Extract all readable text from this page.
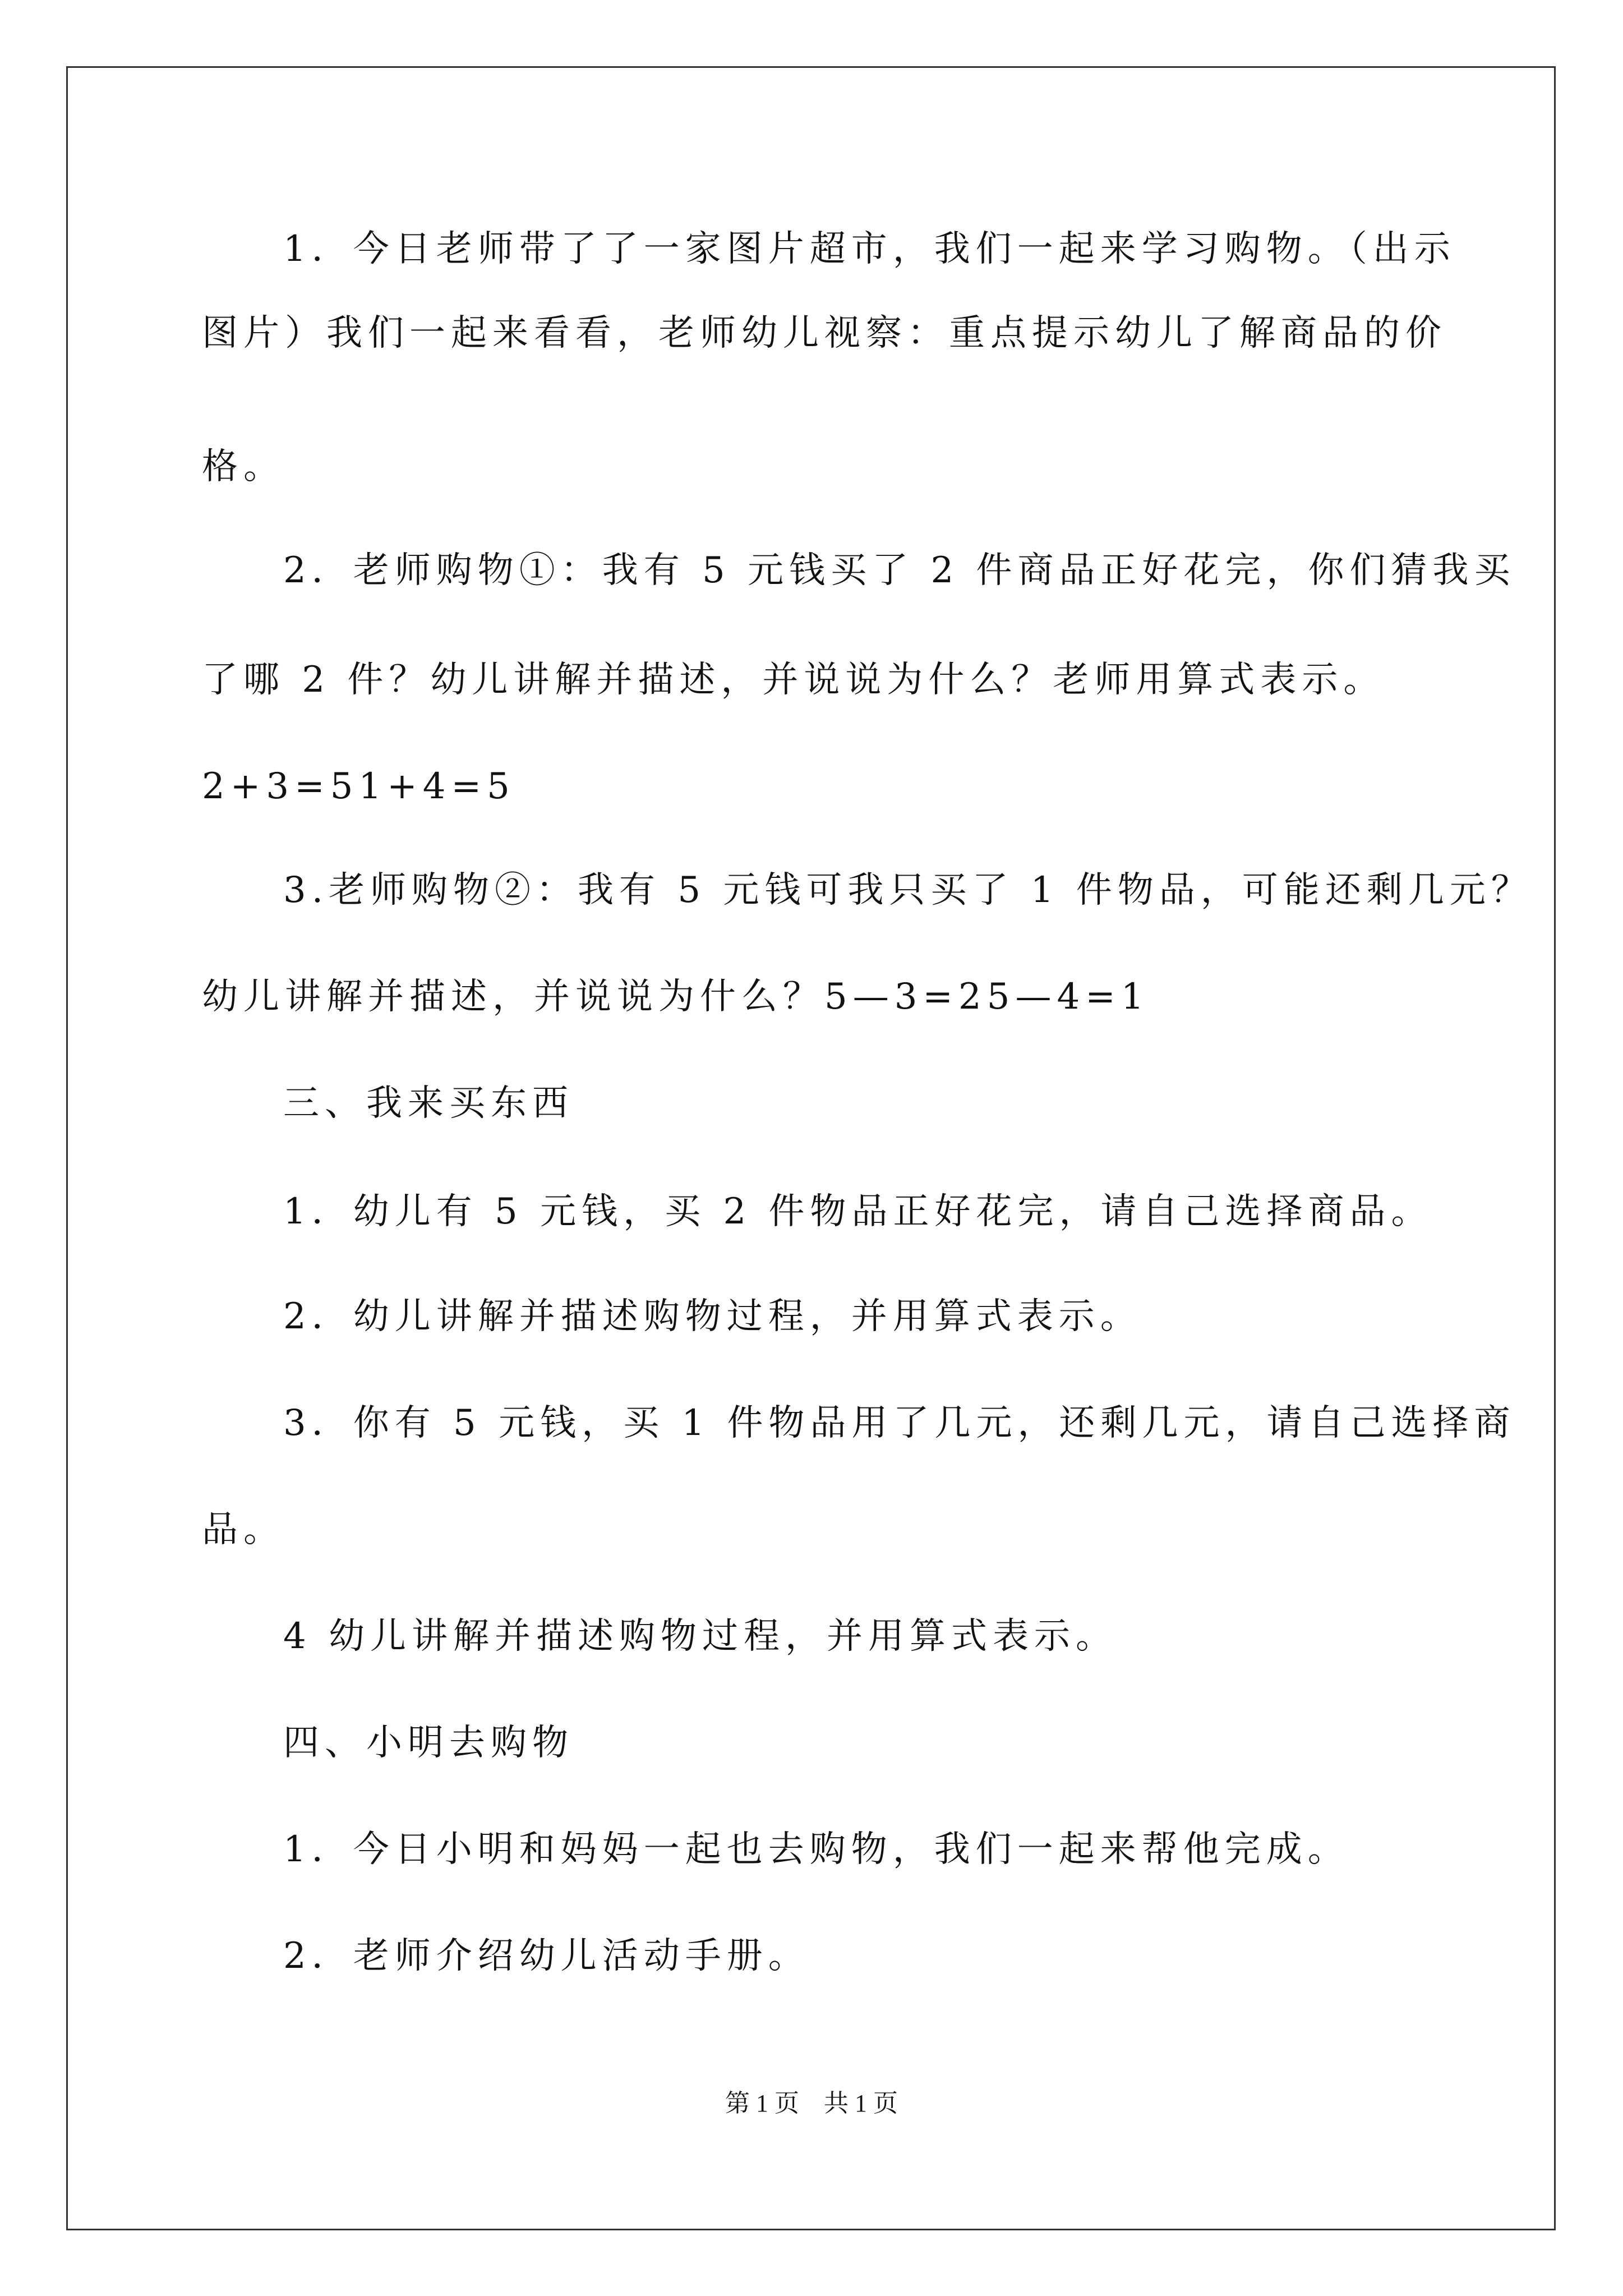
1．今日老师带了了一家图片超市，我们一起来学习购物。（出示
图片）我们一起来看看，老师幼儿视察：重点提示幼儿了解商品的价
格。
2．老师购物①：我有 5 元钱买了 2 件商品正好花完，你们猜我买
了哪 2 件？幼儿讲解并描述，并说说为什么？老师用算式表示。
2+3=51+4=5
3.老师购物②：我有 5 元钱可我只买了 1 件物品，可能还剩几元？
幼儿讲解并描述，并说说为什么？5—3=25—4=1
三、我来买东西
1．幼儿有 5 元钱，买 2 件物品正好花完，请自己选择商品。
2．幼儿讲解并描述购物过程，并用算式表示。
3．你有 5 元钱，买 1 件物品用了几元，还剩几元，请自己选择商
品。
4 幼儿讲解并描述购物过程，并用算式表示。
四、小明去购物
1．今日小明和妈妈一起也去购物，我们一起来帮他完成。
2．老师介绍幼儿活动手册。
第 1 页　共 1 页
